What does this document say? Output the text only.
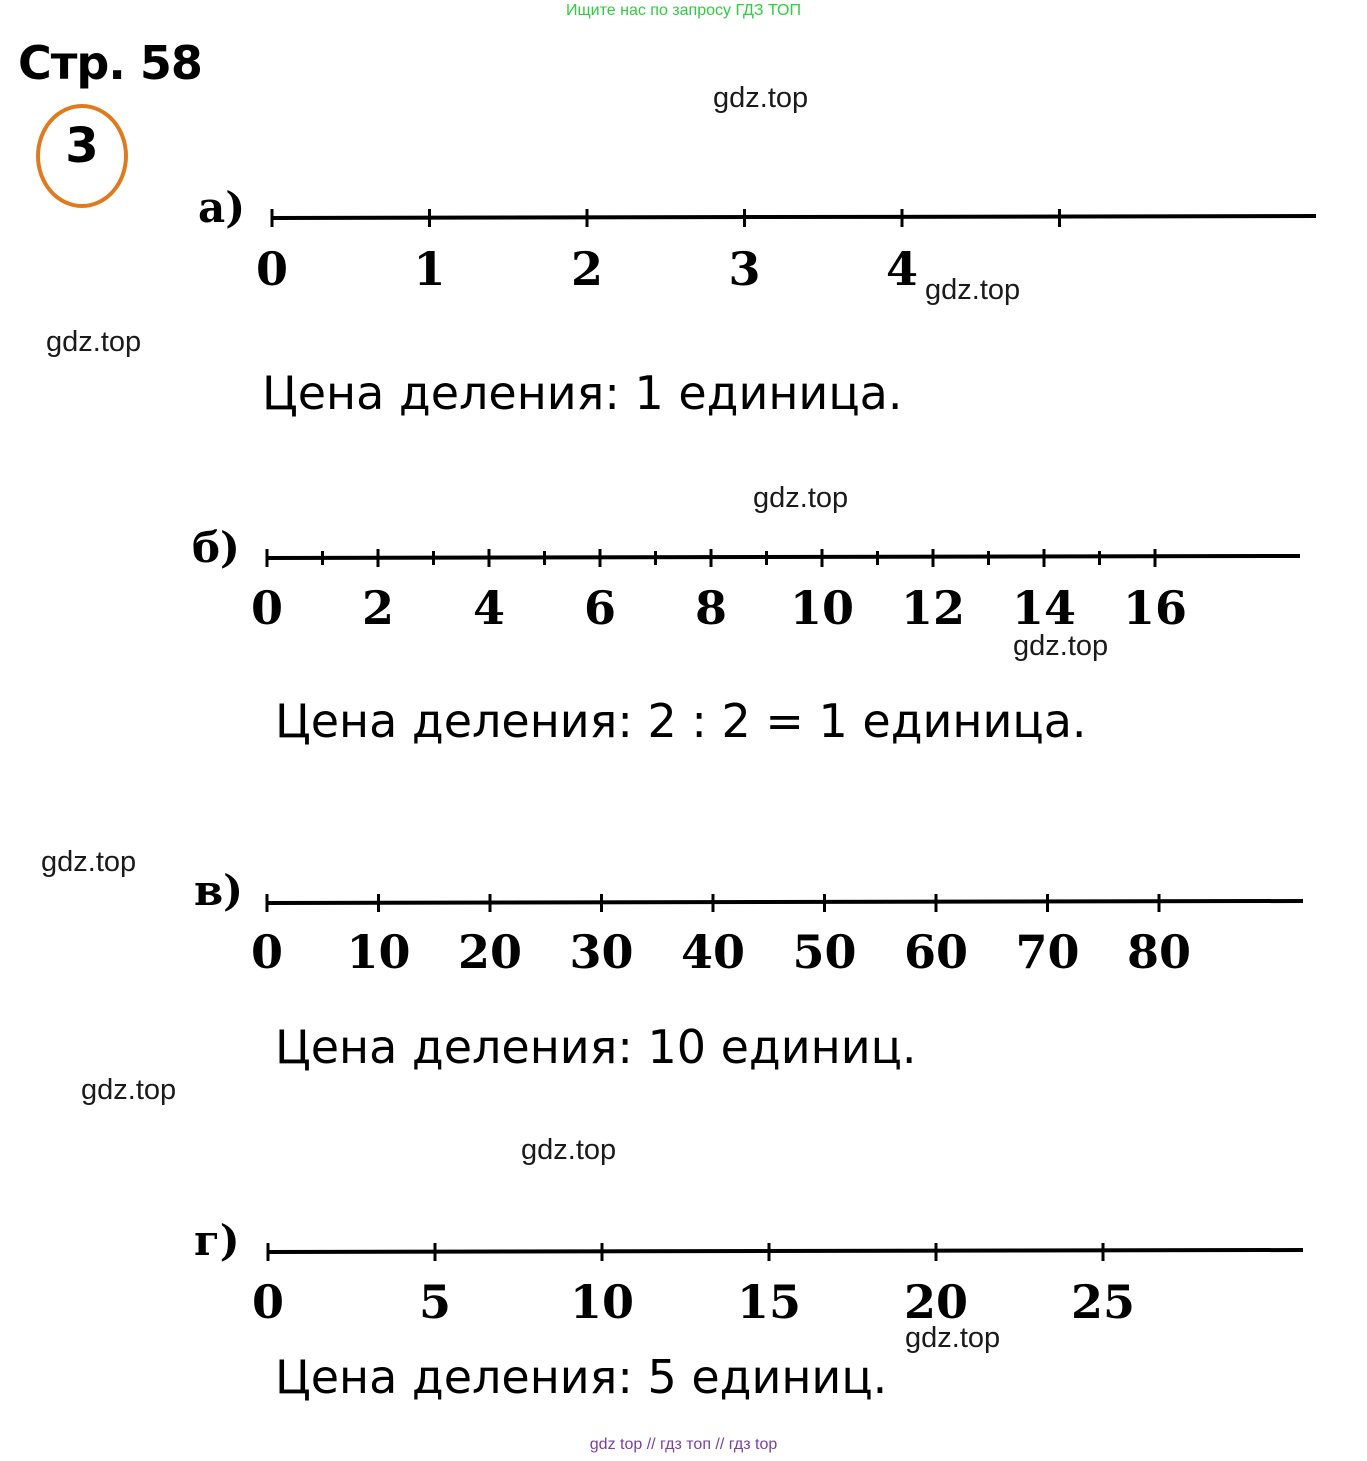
Ищите нас по запросу ГДЗ ТОП
Стр. 58
3
gdz.top
gdz.top
gdz.top
gdz.top
gdz.top
gdz.top
gdz.top
gdz.top
gdz.top
а)
0	1	2	3	4
б)
0 2 4 6 8 10 12 14 16
в)
0 10 20 30 40 50 60 70 80
г)
0	5	10 15 20 25
Цена деления: 1 единица.
Цена деления: 2 : 2 = 1 единица.
Цена деления: 10 единиц.
Цена деления: 5 единиц.
gdz top // гдз топ // гдз top
